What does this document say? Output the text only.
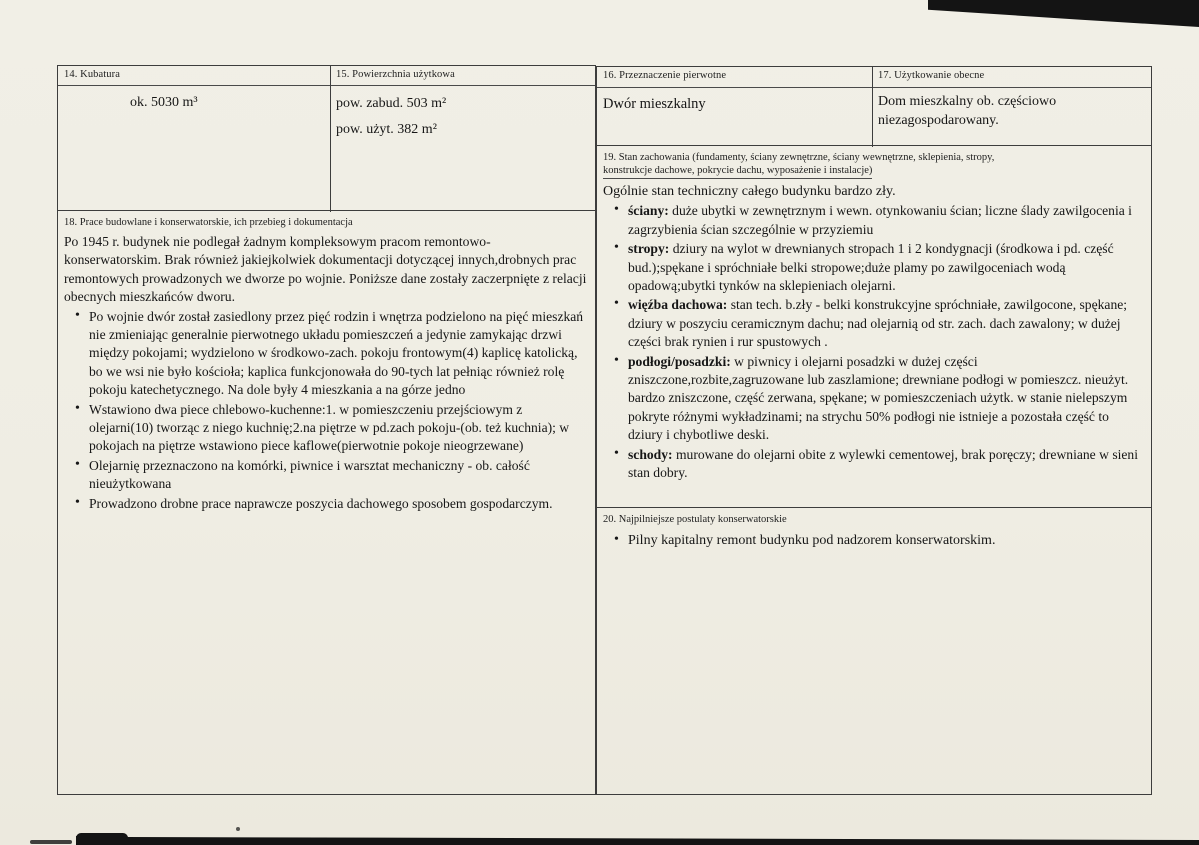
14. Kubatura	15. Powierzchnia użytkowa
ok. 5030 m³	pow. zabud. 503 m²
pow. użyt. 382 m²
18. Prace budowlane i konserwatorskie, ich przebieg i dokumentacja
Po 1945 r. budynek nie podlegał żadnym kompleksowym pracom remontowo-konserwatorskim. Brak również jakiejkolwiek dokumentacji dotyczącej innych,drobnych prac remontowych prowadzonych we dworze po wojnie. Poniższe dane zostały zaczerpnięte z relacji obecnych mieszkańców dworu.
• Po wojnie dwór został zasiedlony przez pięć rodzin i wnętrza podzielono na pięć mieszkań nie zmieniając generalnie pierwotnego układu pomieszczeń a jedynie zamykając drzwi między pokojami; wydzielono w środkowo-zach. pokoju frontowym(4) kaplicę katolicką, bo we wsi nie było kościoła; kaplica funkcjonowała do 90-tych lat pełniąc również rolę pokoju katechetycznego. Na dole były 4 mieszkania a na górze jedno
• Wstawiono dwa piece chlebowo-kuchenne:1. w pomieszczeniu przejściowym z olejarni(10) tworząc z niego kuchnię;2.na piętrze w pd.zach pokoju-(ob. też kuchnia); w pokojach na piętrze wstawiono piece kaflowe(pierwotnie pokoje nieogrzewane)
• Olejarnię przeznaczono na komórki, piwnice i warsztat mechaniczny - ob. całość nieużytkowana
• Prowadzono drobne prace naprawcze poszycia dachowego sposobem gospodarczym.
16. Przeznaczenie pierwotne	17. Użytkowanie obecne
Dwór mieszkalny	Dom mieszkalny ob. częściowo niezagospodarowany.
19. Stan zachowania (fundamenty, ściany zewnętrzne, ściany wewnętrzne, sklepienia, stropy,
konstrukcje dachowe, pokrycie dachu, wyposażenie i instalacje)
Ogólnie stan techniczny całego budynku bardzo zły.
• ściany: duże ubytki w zewnętrznym i wewn. otynkowaniu ścian; liczne ślady zawilgocenia i zagrzybienia ścian szczególnie w przyziemiu
• stropy: dziury na wylot w drewnianych stropach 1 i 2 kondygnacji (środkowa i pd. część bud.);spękane i spróchniałe belki stropowe;duże plamy po zawilgoceniach wodą opadową;ubytki tynków na sklepieniach olejarni.
• więźba dachowa: stan tech. b.zły - belki konstrukcyjne spróchniałe, zawilgocone, spękane; dziury w poszyciu ceramicznym dachu; nad olejarnią od str. zach. dach zawalony; w dużej części brak rynien i rur spustowych .
• podłogi/posadzki: w piwnicy i olejarni posadzki w dużej części zniszczone,rozbite,zagruzowane lub zaszlamione; drewniane podłogi w pomieszcz. nieużyt. bardzo zniszczone, część zerwana, spękane; w pomieszczeniach użytk. w stanie nielepszym pokryte różnymi wykładzinami; na strychu 50% podłogi nie istnieje a pozostała część to dziury i chybotliwe deski.
• schody: murowane do olejarni obite z wylewki cementowej, brak poręczy; drewniane w sieni stan dobry.
20. Najpilniejsze postulaty konserwatorskie
• Pilny kapitalny remont budynku pod nadzorem konserwatorskim.
